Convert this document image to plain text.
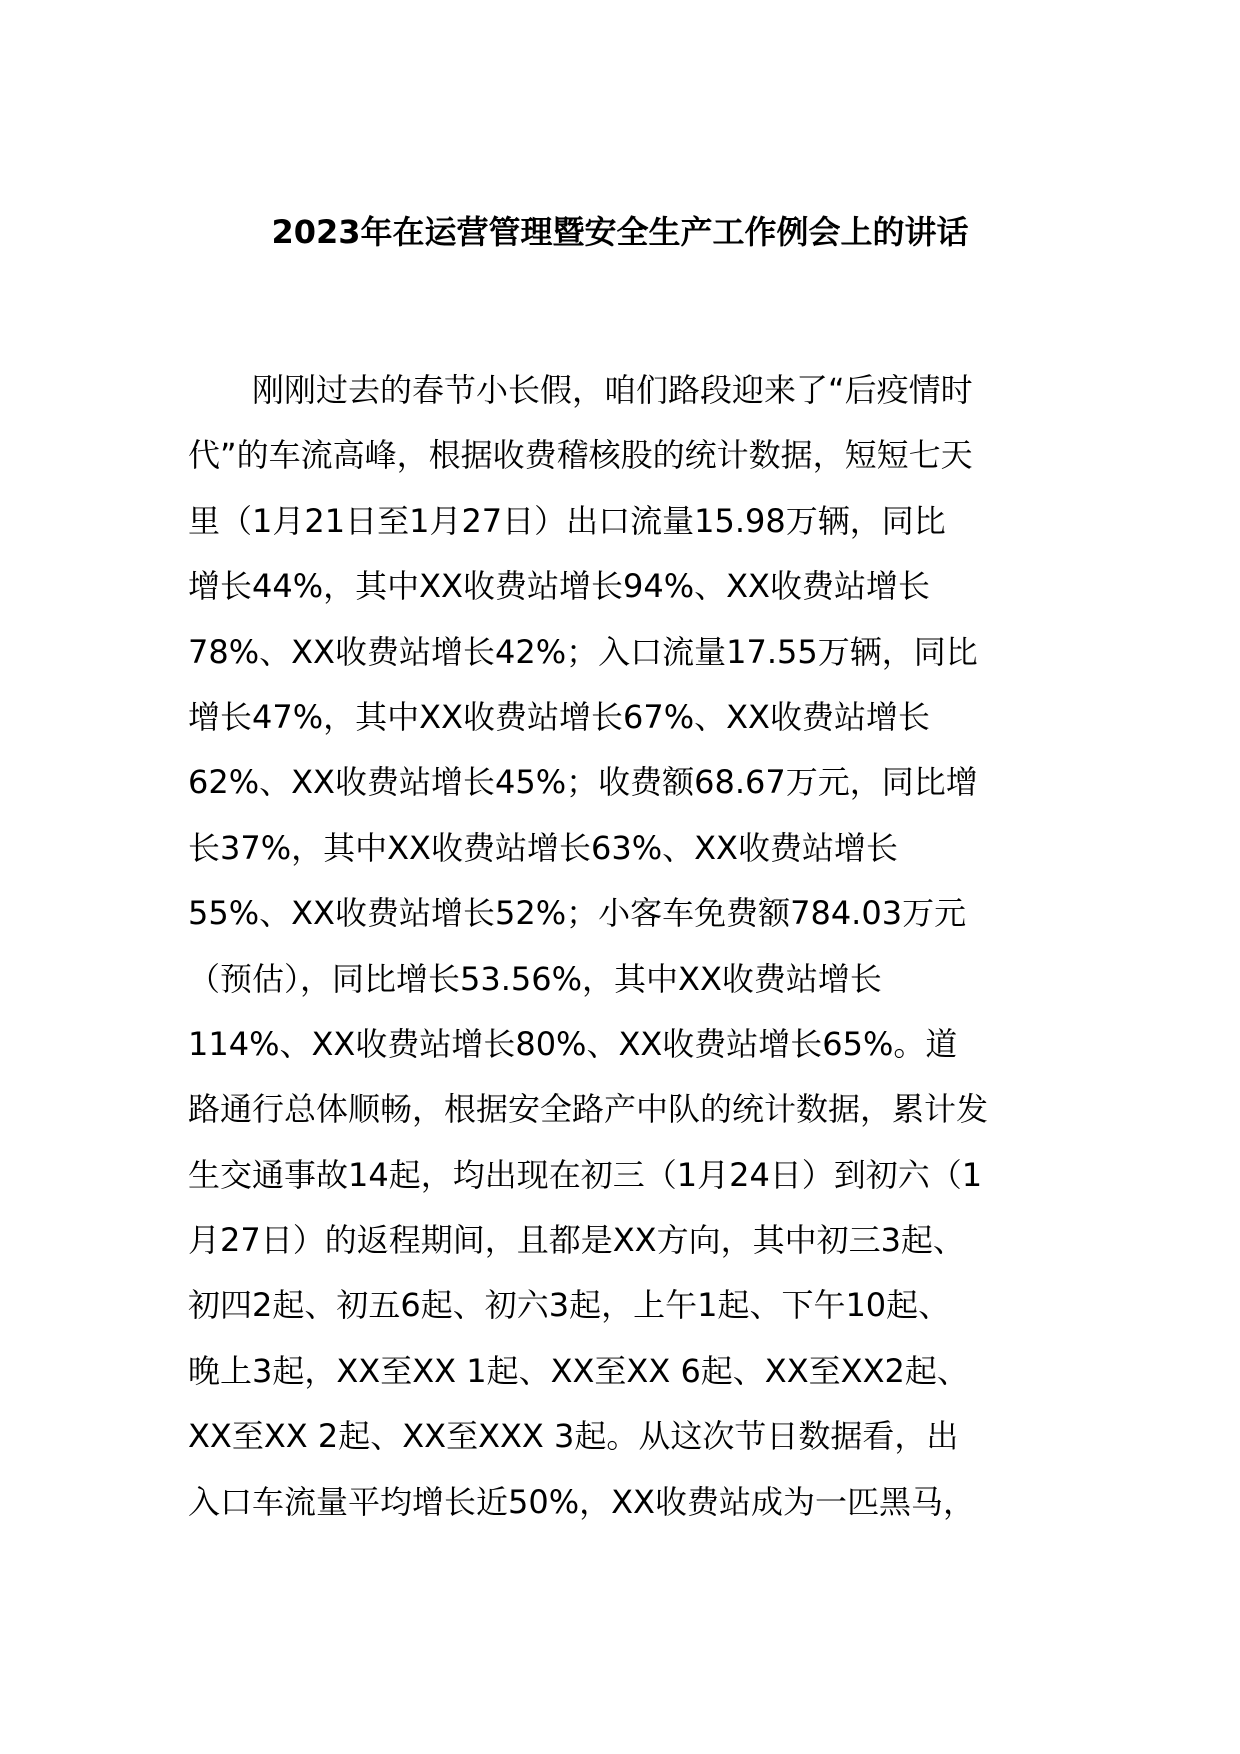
2023年在运营管理暨安全生产工作例会上的讲话
刚刚过去的春节小长假，咱们路段迎来了“后疫情时
代”的车流高峰，根据收费稽核股的统计数据，短短七天
里（1月21日至1月27日）出口流量15.98万辆，同比
增长44%，其中XX收费站增长94%、XX收费站增长
78%、XX收费站增长42%；入口流量17.55万辆，同比
增长47%，其中XX收费站增长67%、XX收费站增长
62%、XX收费站增长45%；收费额68.67万元，同比增
长37%，其中XX收费站增长63%、XX收费站增长
55%、XX收费站增长52%；小客车免费额784.03万元
（预估），同比增长53.56%，其中XX收费站增长
114%、XX收费站增长80%、XX收费站增长65%。道
路通行总体顺畅，根据安全路产中队的统计数据，累计发
生交通事故14起，均出现在初三（1月24日）到初六（1
月27日）的返程期间，且都是XX方向，其中初三3起、
初四2起、初五6起、初六3起，上午1起、下午10起、
晚上3起，XX至XX 1起、XX至XX 6起、XX至XX2起、
XX至XX 2起、XX至XXX 3起。从这次节日数据看，出
入口车流量平均增长近50%，XX收费站成为一匹黑马，
